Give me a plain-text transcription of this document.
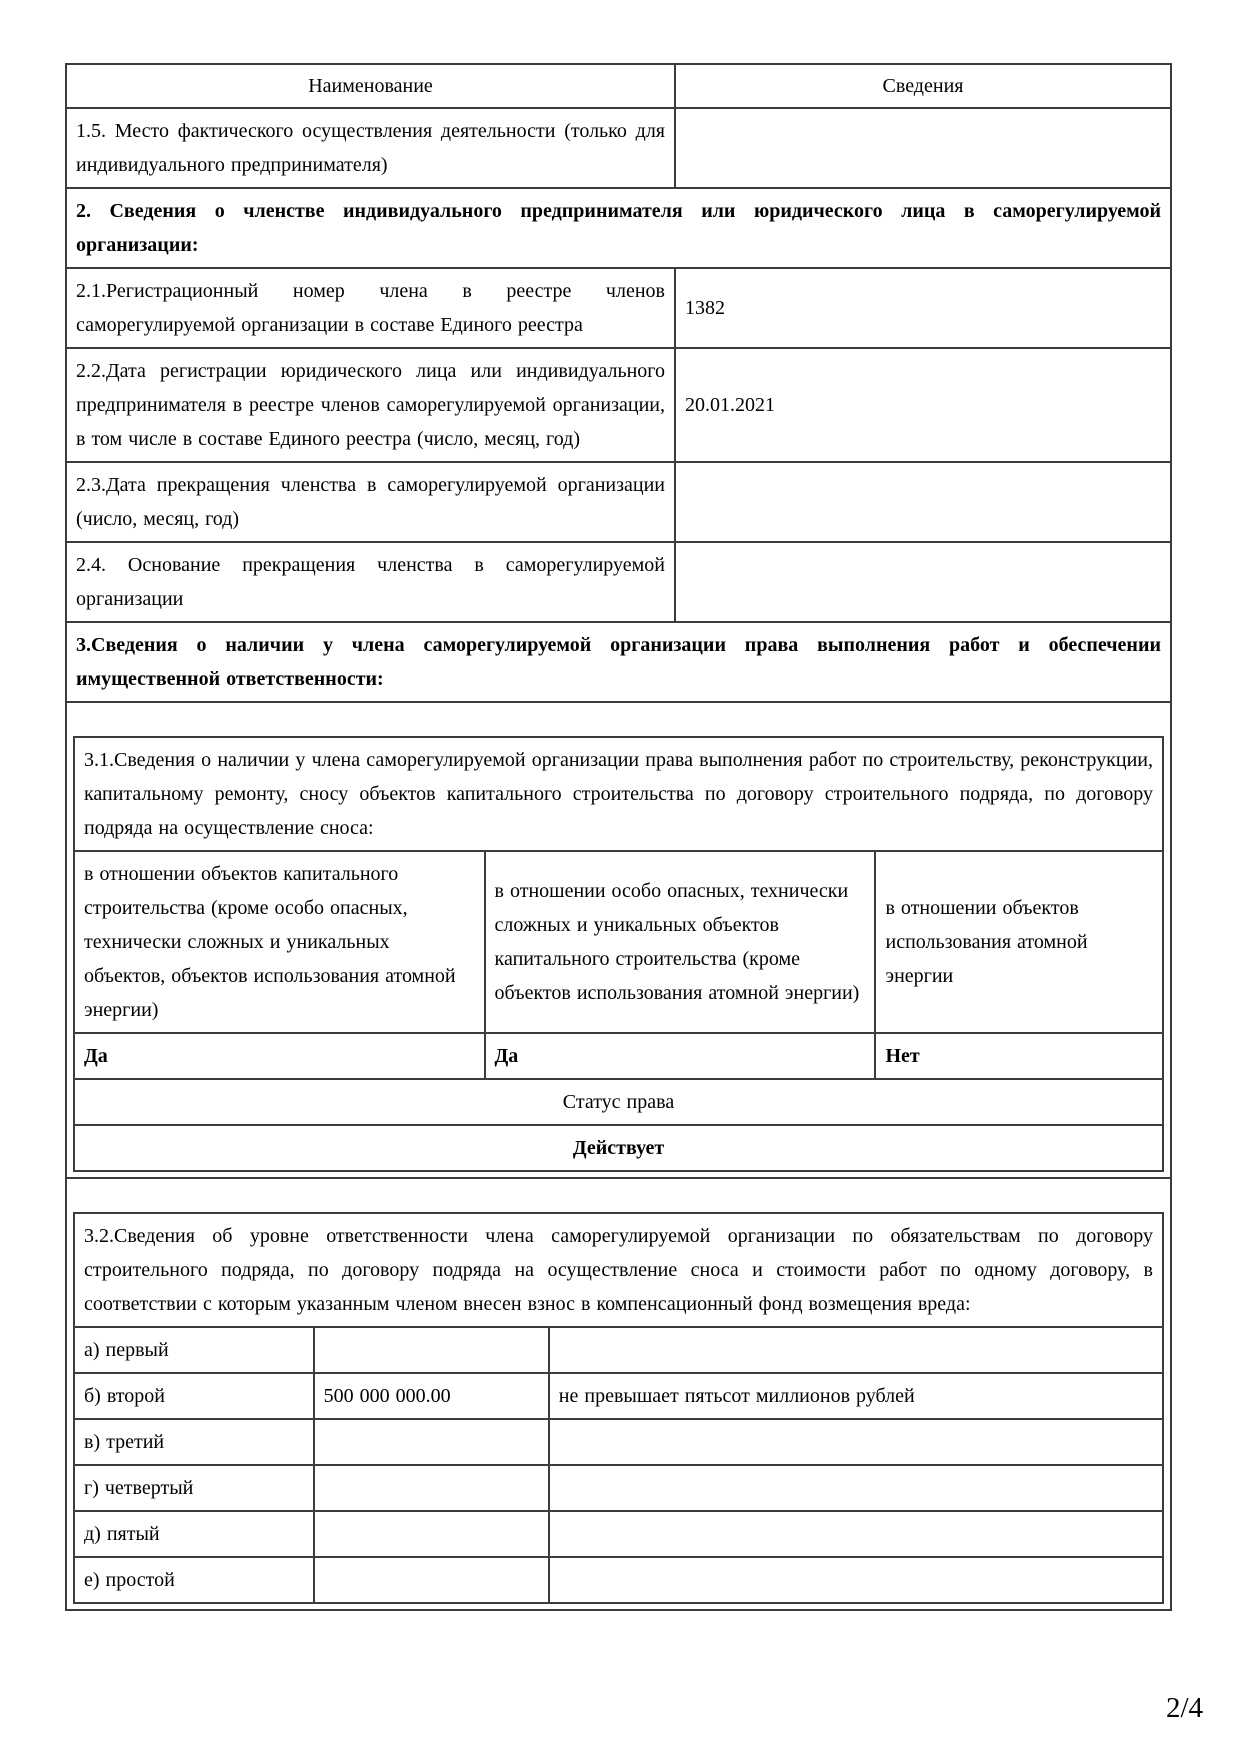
Наименование	Сведения
1.5. Место фактического осуществления деятельности (только для индивидуального предпринимателя)	
2. Сведения о членстве индивидуального предпринимателя или юридического лица в саморегулируемой организации:
2.1.Регистрационный номер члена в реестре членов саморегулируемой организации в составе Единого реестра	1382
2.2.Дата регистрации юридического лица или индивидуального предпринимателя в реестре членов саморегулируемой организации, в том числе в составе Единого реестра (число, месяц, год)	20.01.2021
2.3.Дата прекращения членства в саморегулируемой организации (число, месяц, год)	
2.4. Основание прекращения членства в саморегулируемой организации	
3.Сведения о наличии у члена саморегулируемой организации права выполнения работ и обеспечении имущественной ответственности:

3.1.Сведения о наличии у члена саморегулируемой организации права выполнения работ по строительству, реконструкции, капитальному ремонту, сносу объектов капитального строительства по договору строительного подряда, по договору подряда на осуществление сноса:
в отношении объектов капитального строительства (кроме особо опасных, технически сложных и уникальных объектов, объектов использования атомной энергии)	в отношении особо опасных, технически сложных и уникальных объектов капитального строительства (кроме объектов использования атомной энергии)	в отношении объектов использования атомной энергии
Да	Да	Нет
Статус права
Действует

3.2.Сведения об уровне ответственности члена саморегулируемой организации по обязательствам по договору строительного подряда, по договору подряда на осуществление сноса и стоимости работ по одному договору, в соответствии с которым указанным членом внесен взнос в компенсационный фонд возмещения вреда:
а) первый		
б) второй	500 000 000.00	не превышает пятьсот миллионов рублей
в) третий		
г) четвертый		
д) пятый		
е) простой		
2/4
